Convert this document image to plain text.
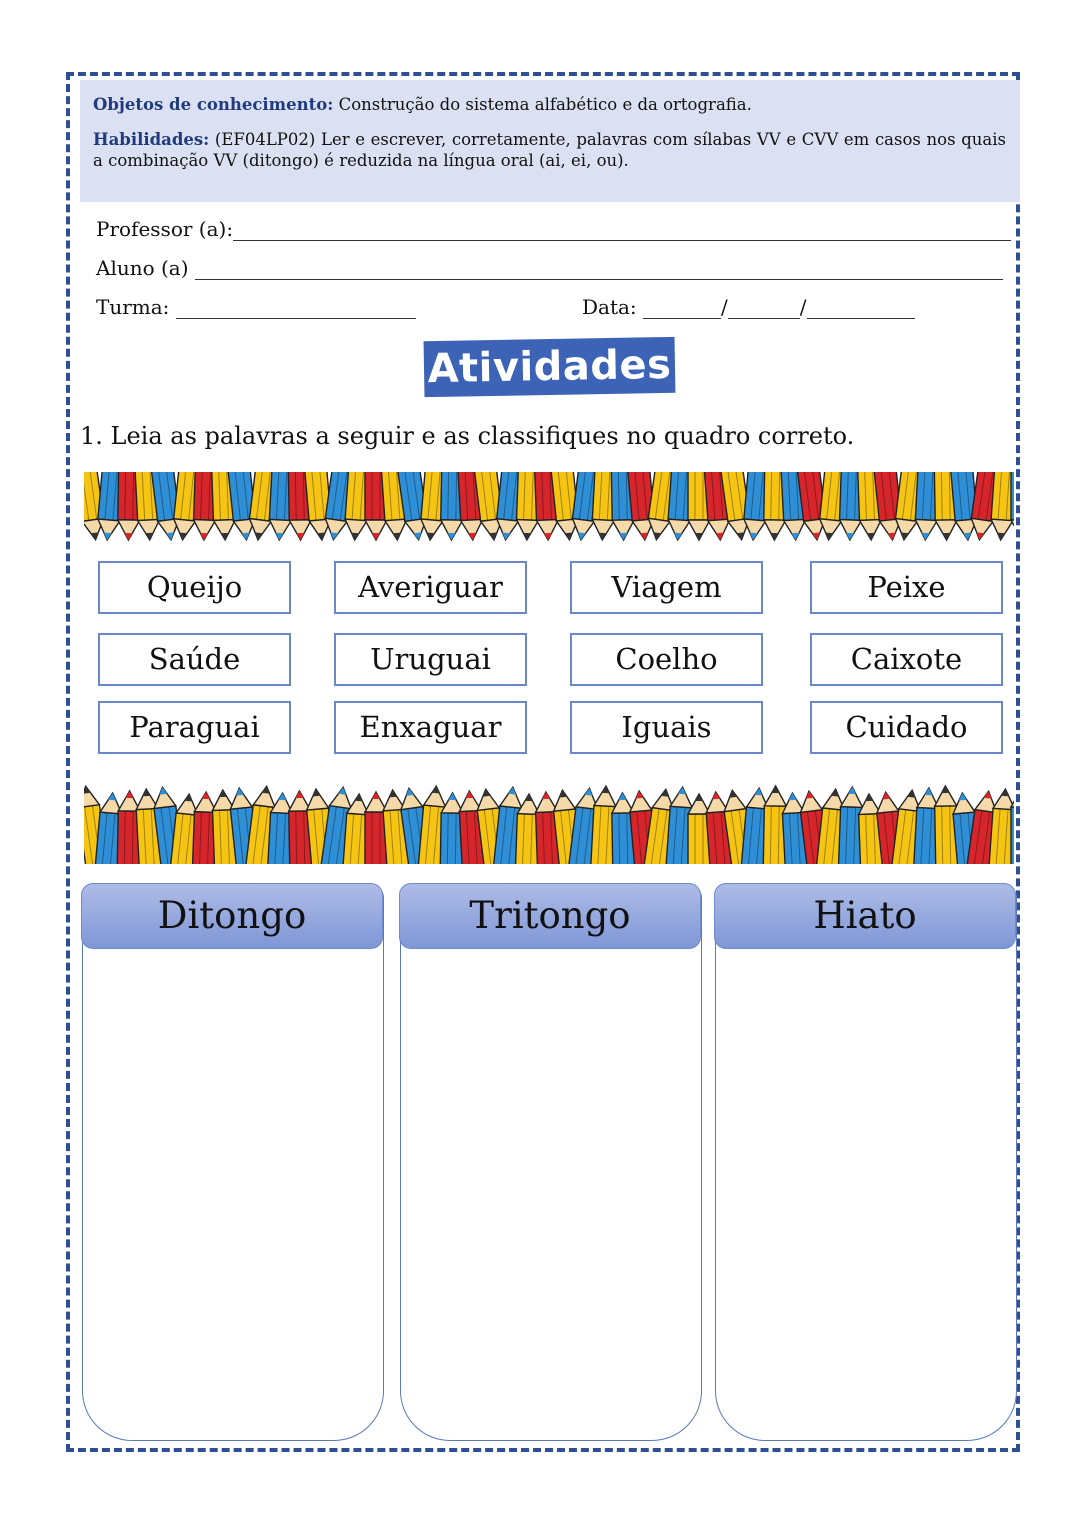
Objetos de conhecimento: Construção do sistema alfabético e da ortografia.

Habilidades: (EF04LP02) Ler e escrever, corretamente, palavras com sílabas VV e CVV em casos nos quais a combinação VV (ditongo) é reduzida na língua oral (ai, ei, ou).

Professor (a):
Aluno (a)
Turma:	Data:	/	/
Atividades
1. Leia as palavras a seguir e as classifiques no quadro correto.
Queijo	Averiguar	Viagem	Peixe
Saúde	Uruguai	Coelho	Caixote
Paraguai	Enxaguar	Iguais	Cuidado
Ditongo	Tritongo	Hiato
